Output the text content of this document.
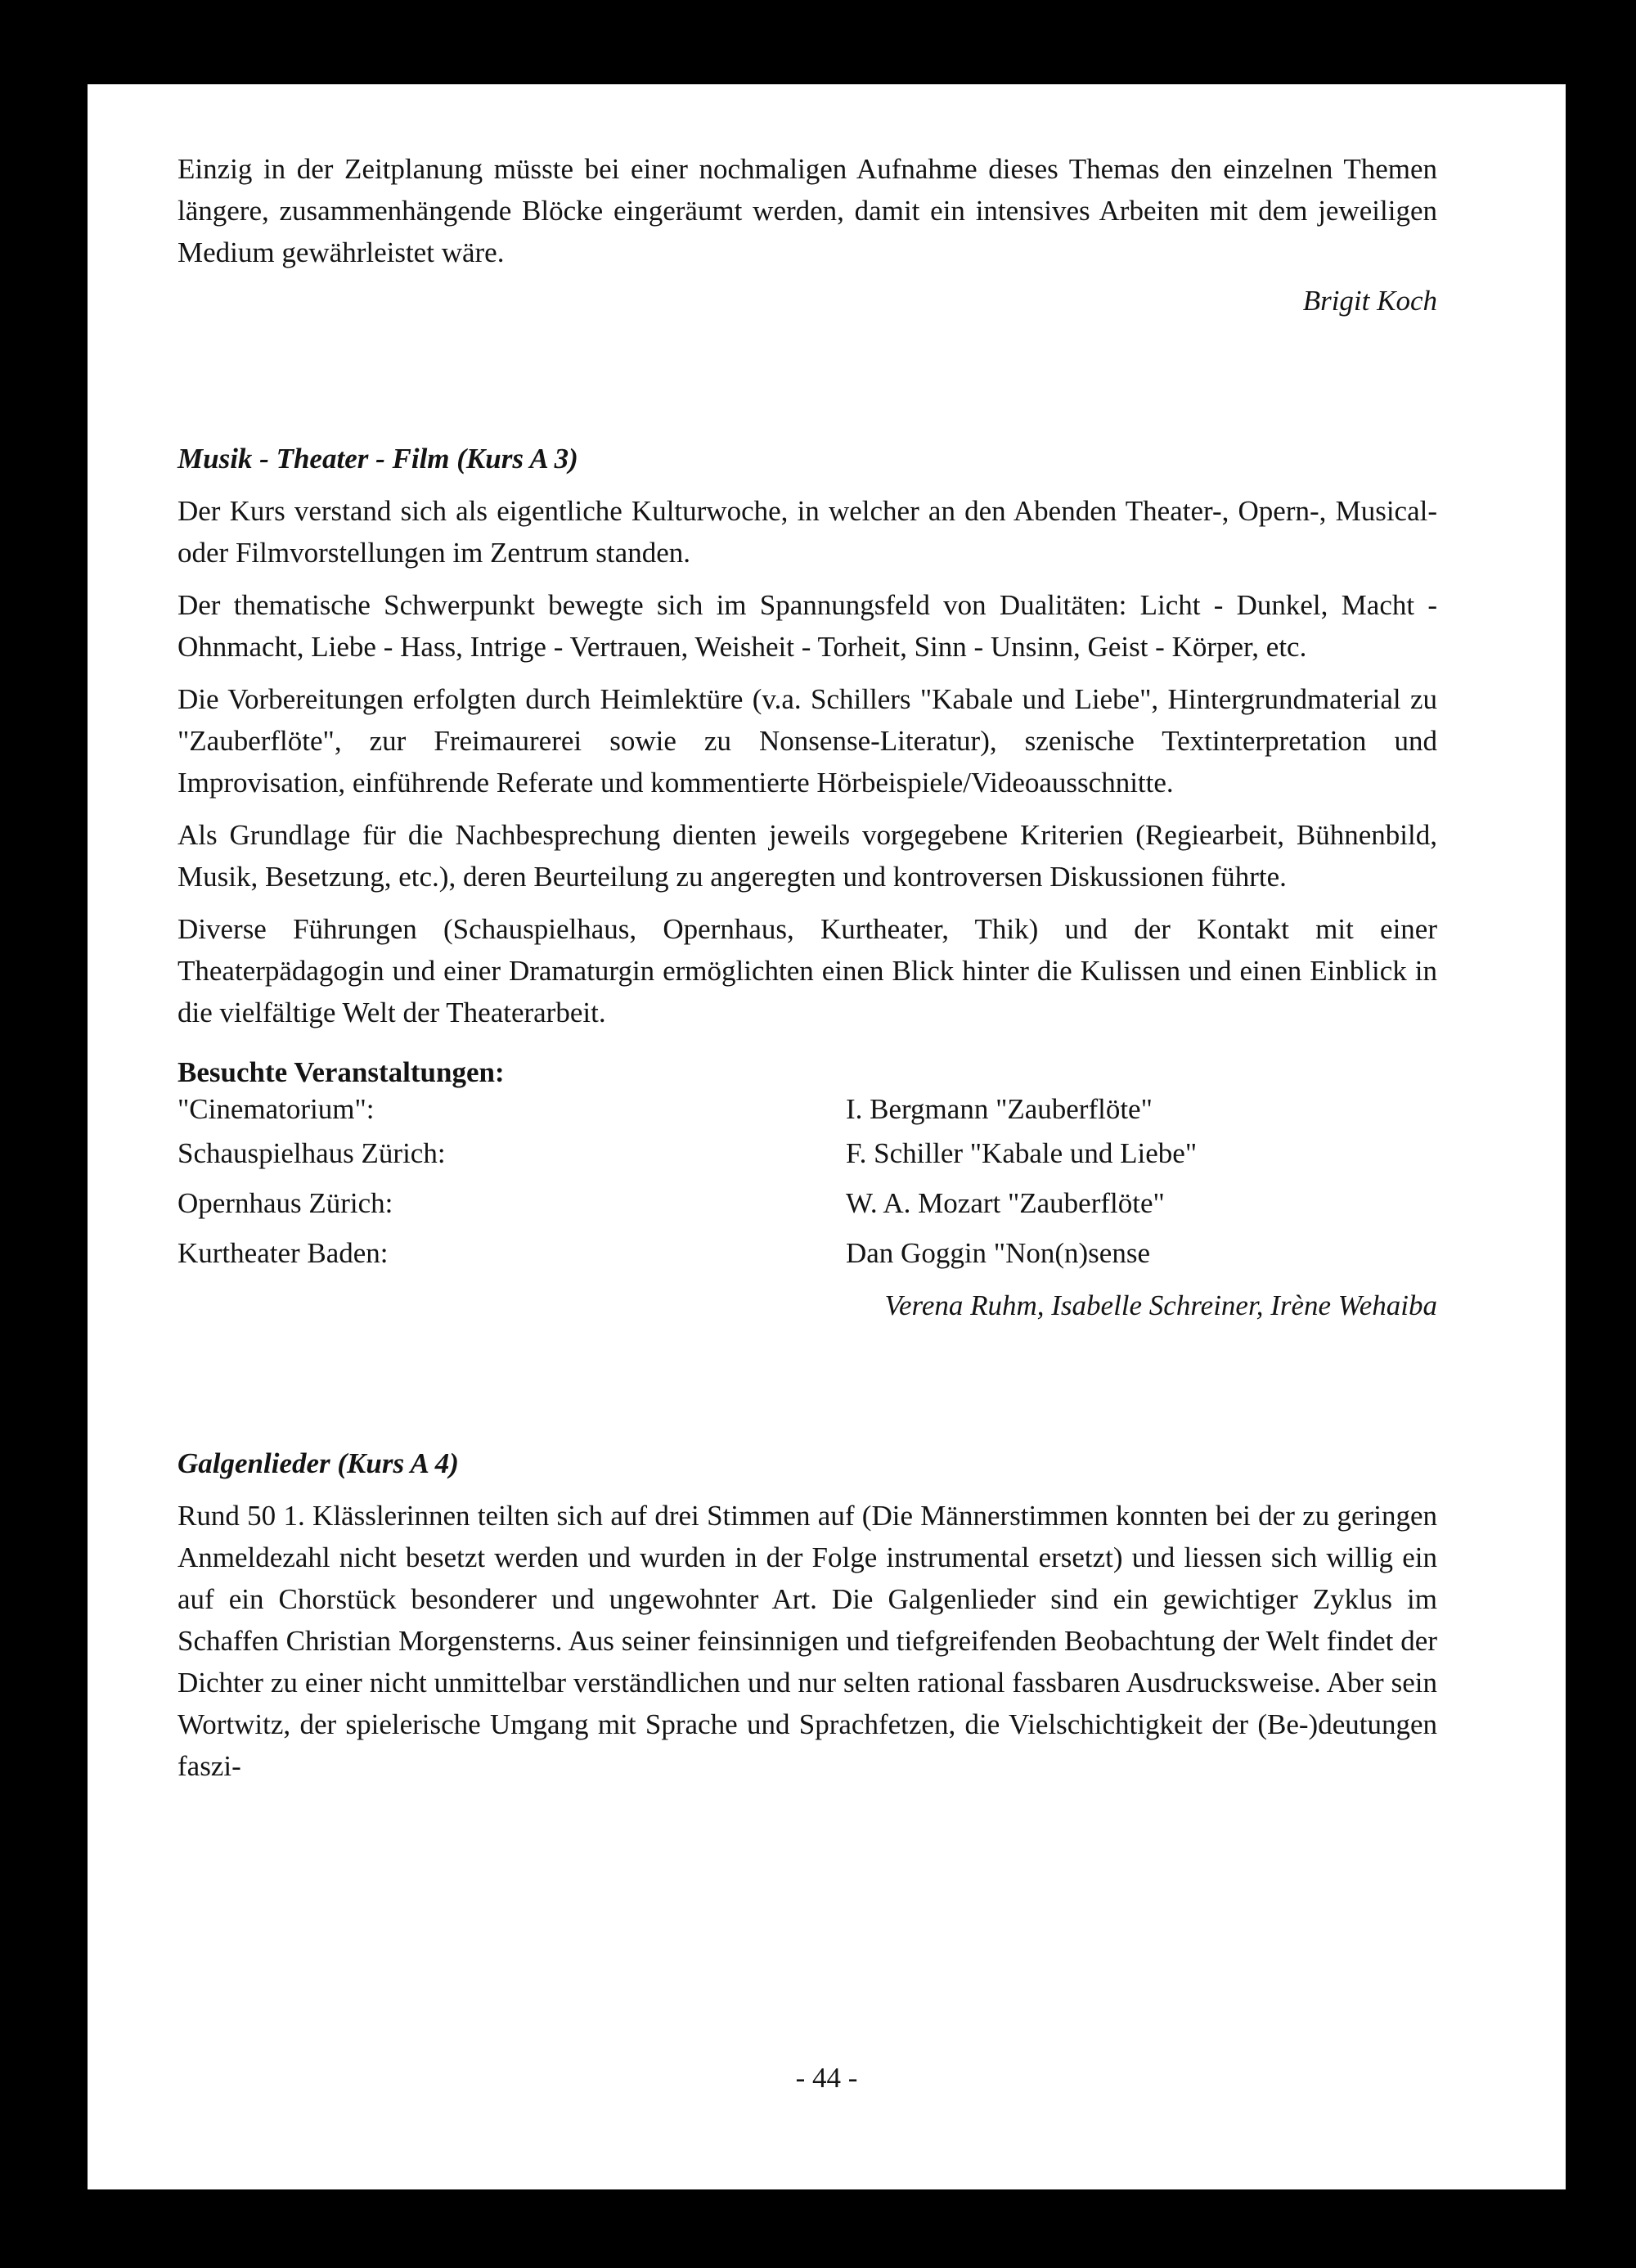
Einzig in der Zeitplanung müsste bei einer nochmaligen Aufnahme dieses Themas den einzelnen Themen längere, zusammenhängende Blöcke eingeräumt werden, damit ein intensives Arbeiten mit dem jeweiligen Medium gewährleistet wäre.

Brigit Koch

Musik - Theater - Film (Kurs A 3)

Der Kurs verstand sich als eigentliche Kulturwoche, in welcher an den Abenden Theater-, Opern-, Musical- oder Filmvorstellungen im Zentrum standen.

Der thematische Schwerpunkt bewegte sich im Spannungsfeld von Dualitäten: Licht - Dunkel, Macht - Ohnmacht, Liebe - Hass, Intrige - Vertrauen, Weisheit - Torheit, Sinn - Unsinn, Geist - Körper, etc.

Die Vorbereitungen erfolgten durch Heimlektüre (v.a. Schillers "Kabale und Liebe", Hintergrundmaterial zu "Zauberflöte", zur Freimaurerei sowie zu Nonsense-Literatur), szenische Textinterpretation und Improvisation, einführende Referate und kommentierte Hörbeispiele/Videoausschnitte.

Als Grundlage für die Nachbesprechung dienten jeweils vorgegebene Kriterien (Regiearbeit, Bühnenbild, Musik, Besetzung, etc.), deren Beurteilung zu angeregten und kontroversen Diskussionen führte.

Diverse Führungen (Schauspielhaus, Opernhaus, Kurtheater, Thik) und der Kontakt mit einer Theaterpädagogin und einer Dramaturgin ermöglichten einen Blick hinter die Kulissen und einen Einblick in die vielfältige Welt der Theaterarbeit.

Besuchte Veranstaltungen:

"Cinematorium":	I. Bergmann "Zauberflöte"
Schauspielhaus Zürich:	F. Schiller "Kabale und Liebe"
Opernhaus Zürich:	W. A. Mozart "Zauberflöte"
Kurtheater Baden:	Dan Goggin "Non(n)sense

Verena Ruhm, Isabelle Schreiner, Irène Wehaiba

Galgenlieder (Kurs A 4)

Rund 50 1. Klässlerinnen teilten sich auf drei Stimmen auf (Die Männerstimmen konnten bei der zu geringen Anmeldezahl nicht besetzt werden und wurden in der Folge instrumental ersetzt) und liessen sich willig ein auf ein Chorstück besonderer und ungewohnter Art. Die Galgenlieder sind ein gewichtiger Zyklus im Schaffen Christian Morgensterns. Aus seiner feinsinnigen und tiefgreifenden Beobachtung der Welt findet der Dichter zu einer nicht unmittelbar verständlichen und nur selten rational fassbaren Ausdrucksweise. Aber sein Wortwitz, der spielerische Umgang mit Sprache und Sprachfetzen, die Vielschichtigkeit der (Be-)deutungen faszi-

- 44 -
